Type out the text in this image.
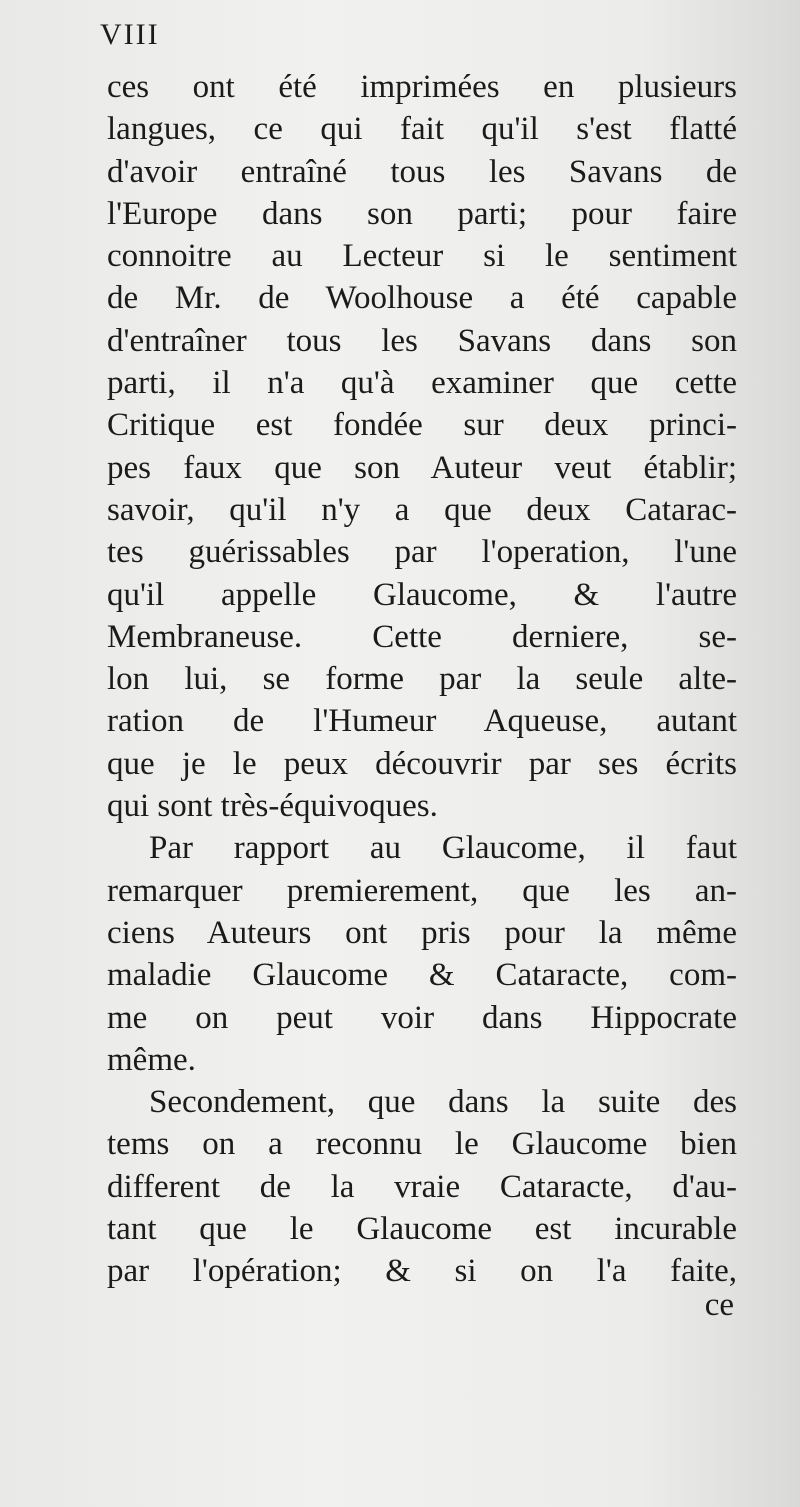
VIII
ces ont été imprimées en plusieurs
langues, ce qui fait qu'il s'est flatté
d'avoir entraîné tous les Savans de
l'Europe dans son parti; pour faire
connoitre au Lecteur si le sentiment
de Mr. de Woolhouse a été capable
d'entraîner tous les Savans dans son
parti, il n'a qu'à examiner que cette
Critique est fondée sur deux princi-
pes faux que son Auteur veut établir;
savoir, qu'il n'y a que deux Catarac-
tes guérissables par l'operation, l'une
qu'il appelle Glaucome, & l'autre
Membraneuse. Cette derniere, se-
lon lui, se forme par la seule alte-
ration de l'Humeur Aqueuse, autant
que je le peux découvrir par ses écrits
qui sont très-équivoques.
Par rapport au Glaucome, il faut
remarquer premierement, que les an-
ciens Auteurs ont pris pour la même
maladie Glaucome & Cataracte, com-
me on peut voir dans Hippocrate
même.
Secondement, que dans la suite des
tems on a reconnu le Glaucome bien
different de la vraie Cataracte, d'au-
tant que le Glaucome est incurable
par l'opération; & si on l'a faite,
ce
